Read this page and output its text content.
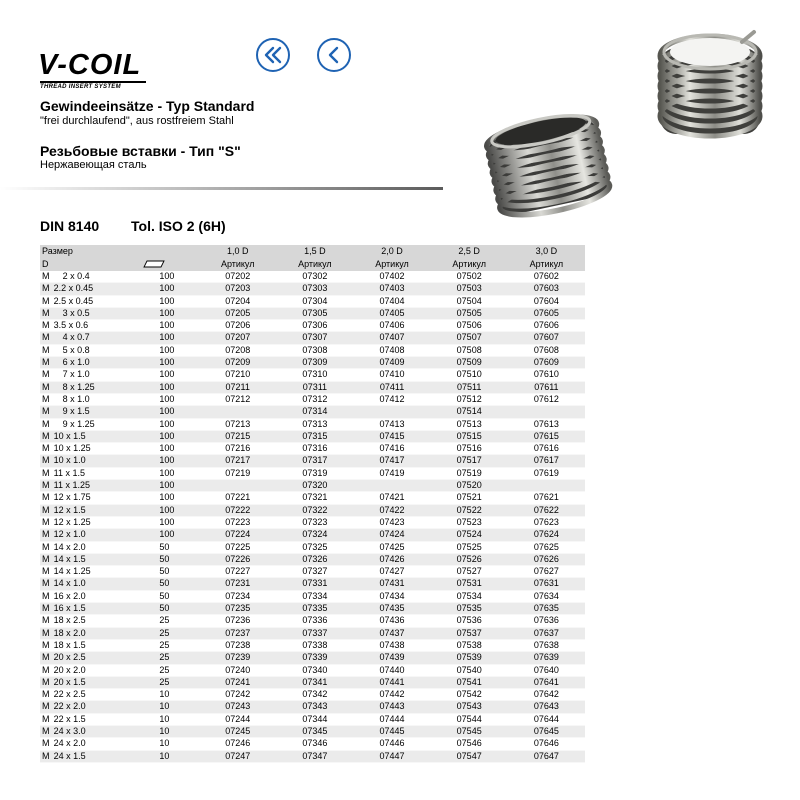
V-COIL
THREAD INSERT SYSTEM
Gewindeeinsätze - Typ Standard
"frei durchlaufend", aus rostfreiem Stahl
Резьбовые вставки - Тип "S"
Нержавеющая сталь
DIN 8140 Tol. ISO 2 (6H)
Размер			1,0 D	1,5 D	2,0 D	2,5 D	3,0 D
D			Артикул	Артикул	Артикул	Артикул	Артикул
M	2 x 0.4	100	07202	07302	07402	07502	07602
M	2.2 x 0.45	100	07203	07303	07403	07503	07603
M	2.5 x 0.45	100	07204	07304	07404	07504	07604
M	3 x 0.5	100	07205	07305	07405	07505	07605
M	3.5 x 0.6	100	07206	07306	07406	07506	07606
M	4 x 0.7	100	07207	07307	07407	07507	07607
M	5 x 0.8	100	07208	07308	07408	07508	07608
M	6 x 1.0	100	07209	07309	07409	07509	07609
M	7 x 1.0	100	07210	07310	07410	07510	07610
M	8 x 1.25	100	07211	07311	07411	07511	07611
M	8 x 1.0	100	07212	07312	07412	07512	07612
M	9 x 1.5	100		07314		07514	
M	9 x 1.25	100	07213	07313	07413	07513	07613
M	10 x 1.5	100	07215	07315	07415	07515	07615
M	10 x 1.25	100	07216	07316	07416	07516	07616
M	10 x 1.0	100	07217	07317	07417	07517	07617
M	11 x 1.5	100	07219	07319	07419	07519	07619
M	11 x 1.25	100		07320		07520	
M	12 x 1.75	100	07221	07321	07421	07521	07621
M	12 x 1.5	100	07222	07322	07422	07522	07622
M	12 x 1.25	100	07223	07323	07423	07523	07623
M	12 x 1.0	100	07224	07324	07424	07524	07624
M	14 x 2.0	50	07225	07325	07425	07525	07625
M	14 x 1.5	50	07226	07326	07426	07526	07626
M	14 x 1.25	50	07227	07327	07427	07527	07627
M	14 x 1.0	50	07231	07331	07431	07531	07631
M	16 x 2.0	50	07234	07334	07434	07534	07634
M	16 x 1.5	50	07235	07335	07435	07535	07635
M	18 x 2.5	25	07236	07336	07436	07536	07636
M	18 x 2.0	25	07237	07337	07437	07537	07637
M	18 x 1.5	25	07238	07338	07438	07538	07638
M	20 x 2.5	25	07239	07339	07439	07539	07639
M	20 x 2.0	25	07240	07340	07440	07540	07640
M	20 x 1.5	25	07241	07341	07441	07541	07641
M	22 x 2.5	10	07242	07342	07442	07542	07642
M	22 x 2.0	10	07243	07343	07443	07543	07643
M	22 x 1.5	10	07244	07344	07444	07544	07644
M	24 x 3.0	10	07245	07345	07445	07545	07645
M	24 x 2.0	10	07246	07346	07446	07546	07646
M	24 x 1.5	10	07247	07347	07447	07547	07647
